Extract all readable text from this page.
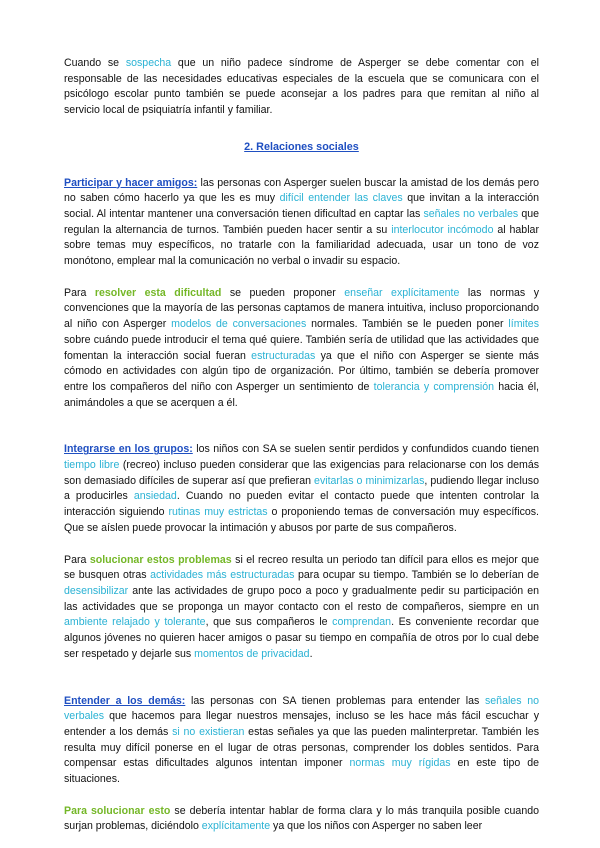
Cuando se sospecha que un niño padece síndrome de Asperger se debe comentar con el responsable de las necesidades educativas especiales de la escuela que se comunicara con el psicólogo escolar punto también se puede aconsejar a los padres para que remitan al niño al servicio local de psiquiatría infantil y familiar.

2. Relaciones sociales

Participar y hacer amigos: las personas con Asperger suelen buscar la amistad de los demás pero no saben cómo hacerlo ya que les es muy difícil entender las claves que invitan a la interacción social. Al intentar mantener una conversación tienen dificultad en captar las señales no verbales que regulan la alternancia de turnos. También pueden hacer sentir a su interlocutor incómodo al hablar sobre temas muy específicos, no tratarle con la familiaridad adecuada, usar un tono de voz monótono, emplear mal la comunicación no verbal o invadir su espacio.

Para resolver esta dificultad se pueden proponer enseñar explícitamente las normas y convenciones que la mayoría de las personas captamos de manera intuitiva, incluso proporcionando al niño con Asperger modelos de conversaciones normales. También se le pueden poner límites sobre cuándo puede introducir el tema qué quiere. También sería de utilidad que las actividades que fomentan la interacción social fueran estructuradas ya que el niño con Asperger se siente más cómodo en actividades con algún tipo de organización. Por último, también se debería promover entre los compañeros del niño con Asperger un sentimiento de tolerancia y comprensión hacia él, animándoles a que se acerquen a él.

Integrarse en los grupos: los niños con SA se suelen sentir perdidos y confundidos cuando tienen tiempo libre (recreo) incluso pueden considerar que las exigencias para relacionarse con los demás son demasiado difíciles de superar así que prefieran evitarlas o minimizarlas, pudiendo llegar incluso a producirles ansiedad. Cuando no pueden evitar el contacto puede que intenten controlar la interacción siguiendo rutinas muy estrictas o proponiendo temas de conversación muy específicos. Que se aíslen puede provocar la intimación y abusos por parte de sus compañeros.

Para solucionar estos problemas si el recreo resulta un periodo tan difícil para ellos es mejor que se busquen otras actividades más estructuradas para ocupar su tiempo. También se lo deberían de desensibilizar ante las actividades de grupo poco a poco y gradualmente pedir su participación en las actividades que se proponga un mayor contacto con el resto de compañeros, siempre en un ambiente relajado y tolerante, que sus compañeros le comprendan. Es conveniente recordar que algunos jóvenes no quieren hacer amigos o pasar su tiempo en compañía de otros por lo cual debe ser respetado y dejarle sus momentos de privacidad.

Entender a los demás: las personas con SA tienen problemas para entender las señales no verbales que hacemos para llegar nuestros mensajes, incluso se les hace más fácil escuchar y entender a los demás si no existieran estas señales ya que las pueden malinterpretar. También les resulta muy difícil ponerse en el lugar de otras personas, comprender los dobles sentidos. Para compensar estas dificultades algunos intentan imponer normas muy rígidas en este tipo de situaciones.

Para solucionar esto se debería intentar hablar de forma clara y lo más tranquila posible cuando surjan problemas, diciéndolo explícitamente ya que los niños con Asperger no saben leer
